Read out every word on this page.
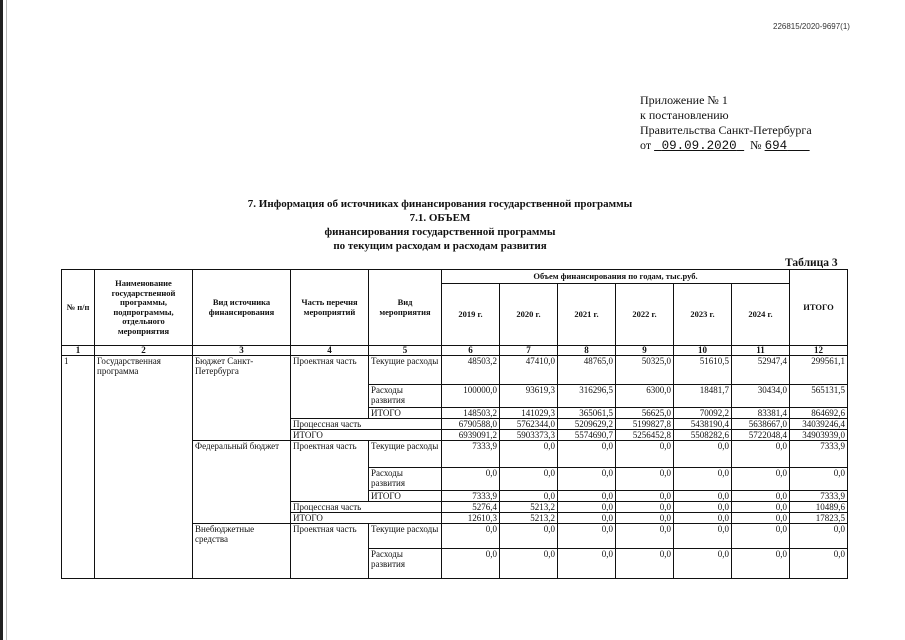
226815/2020-9697(1)
Приложение № 1
к постановлению
Правительства Санкт-Петербурга
от 09.09.2020 № 694
7. Информация об источниках финансирования государственной программы
7.1. ОБЪЕМ
финансирования государственной программы
по текущим расходам и расходам развития
Таблица 3
№ п/п	Наименование государственной программы, подпрограммы, отдельного мероприятия	Вид источника финансирования	Часть перечня мероприятий	Вид мероприятия	Объем финансирования по годам, тыс.руб.						ИТОГО
					2019 г.	2020 г.	2021 г.	2022 г.	2023 г.	2024 г.	
1	2	3	4	5	6	7	8	9	10	11	12
1	Государственная программа	Бюджет Санкт-Петербурга	Проектная часть	Текущие расходы	48503,2	47410,0	48765,0	50325,0	51610,5	52947,4	299561,1
				Расходы развития	100000,0	93619,3	316296,5	6300,0	18481,7	30434,0	565131,5
				ИТОГО	148503,2	141029,3	365061,5	56625,0	70092,2	83381,4	864692,6
			Процессная часть		6790588,0	5762344,0	5209629,2	5199827,8	5438190,4	5638667,0	34039246,4
			ИТОГО		6939091,2	5903373,3	5574690,7	5256452,8	5508282,6	5722048,4	34903939,0
		Федеральный бюджет	Проектная часть	Текущие расходы	7333,9	0,0	0,0	0,0	0,0	0,0	7333,9
				Расходы развития	0,0	0,0	0,0	0,0	0,0	0,0	0,0
				ИТОГО	7333,9	0,0	0,0	0,0	0,0	0,0	7333,9
			Процессная часть		5276,4	5213,2	0,0	0,0	0,0	0,0	10489,6
			ИТОГО		12610,3	5213,2	0,0	0,0	0,0	0,0	17823,5
		Внебюджетные средства	Проектная часть	Текущие расходы	0,0	0,0	0,0	0,0	0,0	0,0	0,0
				Расходы развития	0,0	0,0	0,0	0,0	0,0	0,0	0,0
